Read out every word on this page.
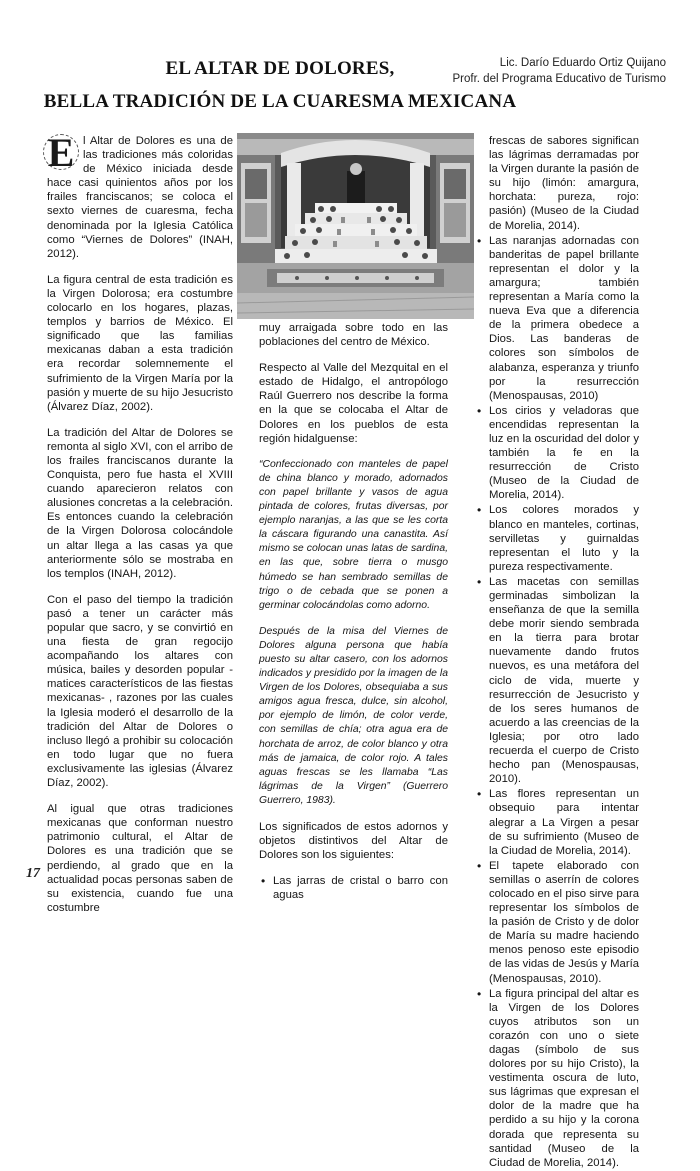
EL ALTAR DE DOLORES,
BELLA TRADICIÓN DE LA CUARESMA MEXICANA
Lic. Darío Eduardo Ortiz Quijano
Profr. del Programa Educativo de Turismo

E l Altar de Dolores es una de las tradiciones más coloridas de México iniciada desde hace casi quinientos años por los frailes franciscanos; se coloca el sexto viernes de cuaresma, fecha denominada por la Iglesia Católica como “Viernes de Dolores” (INAH, 2012).

La figura central de esta tradición es la Virgen Dolorosa; era costumbre colocarlo en los hogares, plazas, templos y barrios de México. El significado que las familias mexicanas daban a esta tradición era recordar solemnemente el sufrimiento de la Virgen María por la pasión y muerte de su hijo Jesucristo (Álvarez Díaz, 2002).

La tradición del Altar de Dolores se remonta al siglo XVI, con el arribo de los frailes franciscanos durante la Conquista, pero fue hasta el XVIII cuando aparecieron relatos con alusiones concretas a la celebración. Es entonces cuando la celebración de la Virgen Dolorosa colocándole un altar llega a las casas ya que anteriormente sólo se mostraba en los templos (INAH, 2012).

Con el paso del tiempo la tradición pasó a tener un carácter más popular que sacro, y se convirtió en una fiesta de gran regocijo acompañando los altares con música, bailes y desorden popular - matices característicos de las fiestas mexicanas- , razones por las cuales la Iglesia moderó el desarrollo de la tradición del Altar de Dolores o incluso llegó a prohibir su colocación en todo lugar que no fuera exclusivamente las iglesias (Álvarez Díaz, 2002).

Al igual que otras tradiciones mexicanas que conforman nuestro patrimonio cultural, el Altar de Dolores es una tradición que se perdiendo, al grado que en la actualidad pocas personas saben de su existencia, cuando fue una costumbre

muy arraigada sobre todo en las poblaciones del centro de México.

Respecto al Valle del Mezquital en el estado de Hidalgo, el antropólogo Raúl Guerrero nos describe la forma en la que se colocaba el Altar de Dolores en los pueblos de esta región hidalguense:

“Confeccionado con manteles de papel de china blanco y morado, adornados con papel brillante y vasos de agua pintada de colores, frutas diversas, por ejemplo naranjas, a las que se les corta la cáscara figurando una canastita. Así mismo se colocan unas latas de sardina, en las que, sobre tierra o musgo húmedo se han sembrado semillas de trigo o de cebada que se ponen a germinar colocándolas como adorno.

Después de la misa del Viernes de Dolores alguna persona que había puesto su altar casero, con los adornos indicados y presidido por la imagen de la Virgen de los Dolores, obsequiaba a sus amigos agua fresca, dulce, sin alcohol, por ejemplo de limón, de color verde, con semillas de chía; otra agua era de horchata de arroz, de color blanco y otra más de jamaica, de color rojo. A tales aguas frescas se les llamaba “Las lágrimas de la Virgen” (Guerrero Guerrero, 1983).

Los significados de estos adornos y objetos distintivos del Altar de Dolores son los siguientes:

• Las jarras de cristal o barro con aguas
frescas de sabores significan las lágrimas derramadas por la Virgen durante la pasión de su hijo (limón: amargura, horchata: pureza, rojo: pasión) (Museo de la Ciudad de Morelia, 2014).
• Las naranjas adornadas con banderitas de papel brillante representan el dolor y la amargura; también representan a María como la nueva Eva que a diferencia de la primera obedece a Dios. Las banderas de colores son símbolos de alabanza, esperanza y triunfo por la resurrección (Menospausas, 2010)
• Los cirios y veladoras que encendidas representan la luz en la oscuridad del dolor y también la fe en la resurrección de Cristo (Museo de la Ciudad de Morelia, 2014).
• Los colores morados y blanco en manteles, cortinas, servilletas y guirnaldas representan el luto y la pureza respectivamente.
• Las macetas con semillas germinadas simbolizan la enseñanza de que la semilla debe morir siendo sembrada en la tierra para brotar nuevamente dando frutos nuevos, es una metáfora del ciclo de vida, muerte y resurrección de Jesucristo y de los seres humanos de acuerdo a las creencias de la Iglesia; por otro lado recuerda el cuerpo de Cristo hecho pan (Menospausas, 2010).
• Las flores representan un obsequio para intentar alegrar a La Virgen a pesar de su sufrimiento (Museo de la Ciudad de Morelia, 2014).
• El tapete elaborado con semillas o aserrín de colores colocado en el piso sirve para representar los símbolos de la pasión de Cristo y de dolor de María su madre haciendo menos penoso este episodio de las vidas de Jesús y María (Menospausas, 2010).
• La figura principal del altar es la Virgen de los Dolores cuyos atributos son un corazón con uno o siete dagas (símbolo de sus dolores por su hijo Cristo), la vestimenta oscura de luto, sus lágrimas que expresan el dolor de la madre que ha perdido a su hijo y la corona dorada que representa su santidad (Museo de la Ciudad de Morelia, 2014).
17
